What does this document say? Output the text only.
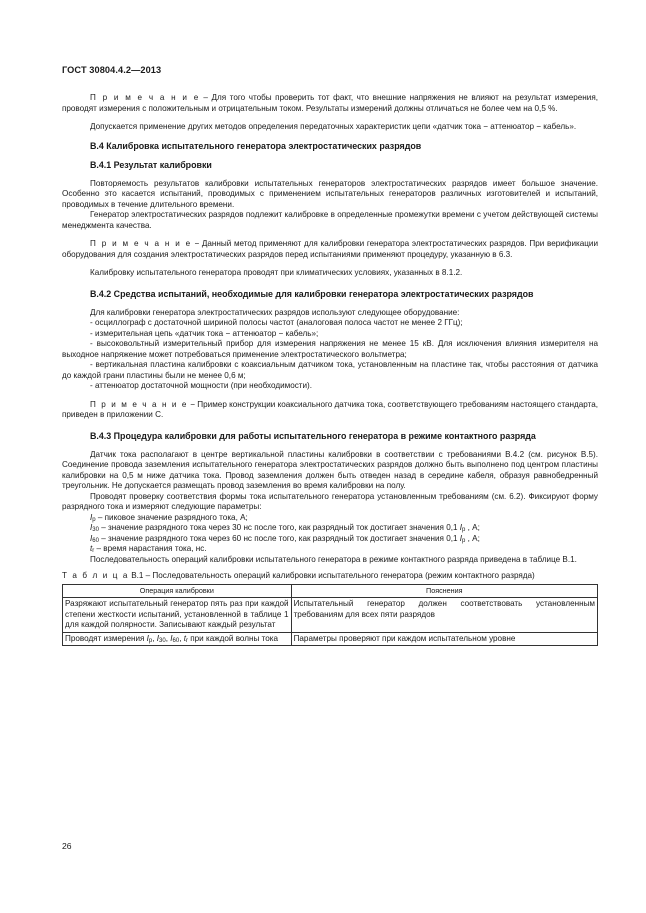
ГОСТ 30804.4.2—2013

П р и м е ч а н и е – Для того чтобы проверить тот факт, что внешние напряжения не влияют на результат измерения, проводят измерения с положительным и отрицательным током. Результаты измерений должны отличаться не более чем на 0,5 %.

Допускается применение других методов определения передаточных характеристик цепи «датчик тока − аттенюатор − кабель».

В.4 Калибровка испытательного генератора электростатических разрядов
В.4.1 Результат калибровки

Повторяемость результатов калибровки испытательных генераторов электростатических разрядов имеет большое значение. Особенно это касается испытаний, проводимых с применением испытательных генераторов различных изготовителей и испытаний, проводимых в течение длительного времени.

Генератор электростатических разрядов подлежит калибровке в определенные промежутки времени с учетом действующей системы менеджмента качества.

П р и м е ч а н и е − Данный метод применяют для калибровки генератора электростатических разрядов. При верификации оборудования для создания электростатических разрядов перед испытаниями применяют процедуру, указанную в 6.3.

Калибровку испытательного генератора проводят при климатических условиях, указанных в 8.1.2.

В.4.2 Средства испытаний, необходимые для калибровки генератора электростатических разрядов

Для калибровки генератора электростатических разрядов используют следующее оборудование:

- осциллограф с достаточной шириной полосы частот (аналоговая полоса частот не менее 2 ГГц);

- измерительная цепь «датчик тока − аттенюатор − кабель»;

- высоковольтный измерительный прибор для измерения напряжения не менее 15 кВ. Для исключения влияния измерителя на выходное напряжение может потребоваться применение электростатического вольтметра;

- вертикальная пластина калибровки с коаксиальным датчиком тока, установленным на пластине так, чтобы расстояния от датчика до каждой грани пластины были не менее 0,6 м;

- аттенюатор достаточной мощности (при необходимости).

П р и м е ч а н и е − Пример конструкции коаксиального датчика тока, соответствующего требованиям настоящего стандарта, приведен в приложении С.

В.4.3 Процедура калибровки для работы испытательного генератора в режиме контактного разряда

Датчик тока располагают в центре вертикальной пластины калибровки в соответствии с требованиями В.4.2 (см. рисунок В.5). Соединение провода заземления испытательного генератора электростатических разрядов должно быть выполнено под центром пластины калибровки на 0,5 м ниже датчика тока. Провод заземления должен быть отведен назад в середине кабеля, образуя равнобедренный треугольник. Не допускается размещать провод заземления во время калибровки на полу.

Проводят проверку соответствия формы тока испытательного генератора установленным требованиям (см. 6.2). Фиксируют форму разрядного тока и измеряют следующие параметры:

$I_p$ – пиковое значение разрядного тока, А;

$I_{30}$ – значение разрядного тока через 30 нс после того, как разрядный ток достигает значения 0,1 $I_p$ , А;

$I_{60}$ – значение разрядного тока через 60 нс после того, как разрядный ток достигает значения 0,1 $I_p$ , А;

$t_r$ – время нарастания тока, нс.

Последовательность операций калибровки испытательного генератора в режиме контактного разряда приведена в таблице В.1.

Т а б л и ц а В.1 – Последовательность операций калибровки испытательного генератора (режим контактного разряда)

Операция калибровки	Пояснения

Разряжают испытательный генератор пять раз при каждой степени жесткости испытаний, установленной в таблице 1 для каждой полярности. Записывают каждый результат	Испытательный генератор должен соответствовать установленным требованиям для всех пяти разрядов

Проводят измерения $I_p$, $I_{30}$, $I_{60}$, $t_r$ при каждой волны тока	Параметры проверяют при каждом испытательном уровне

26
